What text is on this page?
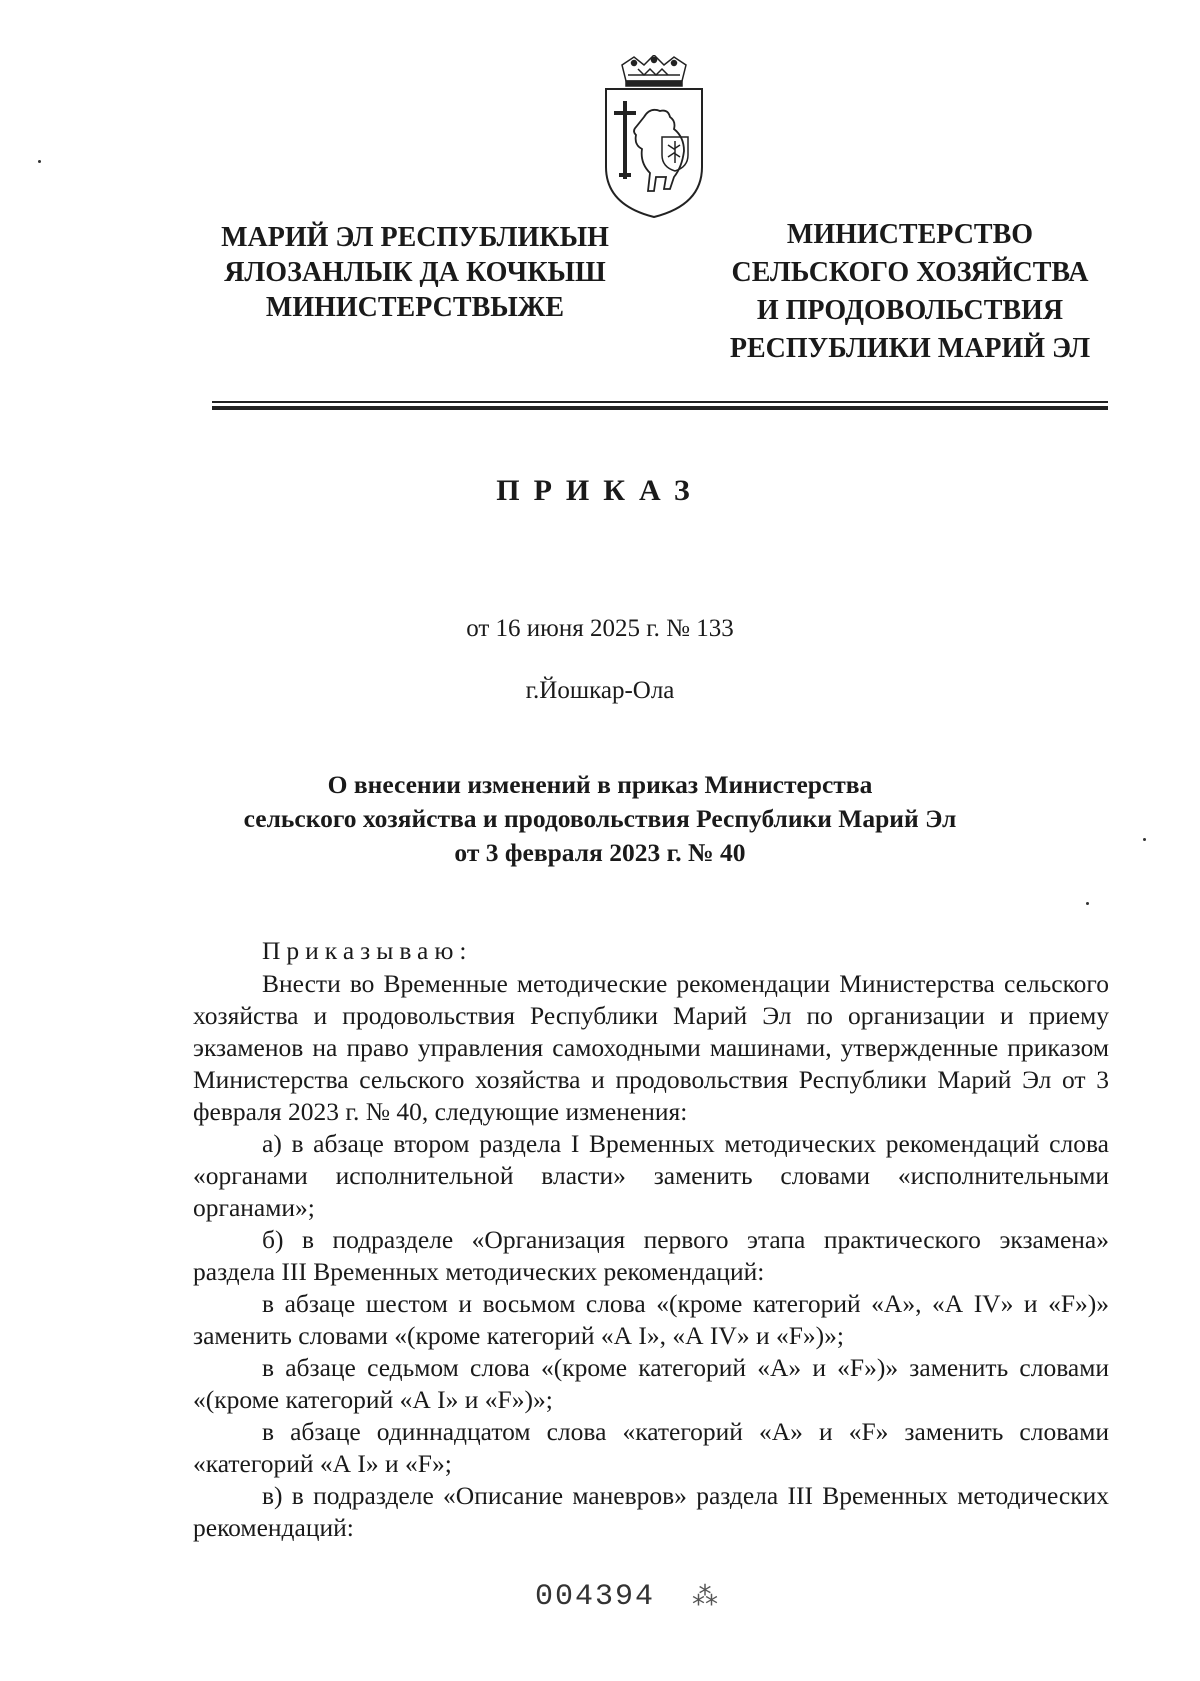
МАРИЙ ЭЛ РЕСПУБЛИКЫН
ЯЛОЗАНЛЫК ДА КОЧКЫШ
МИНИСТЕРСТВЫЖЕ
МИНИСТЕРСТВО
СЕЛЬСКОГО ХОЗЯЙСТВА
И ПРОДОВОЛЬСТВИЯ
РЕСПУБЛИКИ МАРИЙ ЭЛ
ПРИКАЗ
от 16 июня 2025 г. № 133
г.Йошкар-Ола
О внесении изменений в приказ Министерства
сельского хозяйства и продовольствия Республики Марий Эл
от 3 февраля 2023 г. № 40

Приказываю:

Внести во Временные методические рекомендации Министерства сельского хозяйства и продовольствия Республики Марий Эл по организации и приему экзаменов на право управления самоходными машинами, утвержденные приказом Министерства сельского хозяйства и продовольствия Республики Марий Эл от 3 февраля 2023 г. № 40, следующие изменения:

а) в абзаце втором раздела I Временных методических рекомендаций слова «органами исполнительной власти» заменить словами «исполнительными органами»;

б) в подразделе «Организация первого этапа практического экзамена» раздела III Временных методических рекомендаций:

в абзаце шестом и восьмом слова «(кроме категорий «А», «А IV» и «F»)» заменить словами «(кроме категорий «А I», «А IV» и «F»)»;

в абзаце седьмом слова «(кроме категорий «А» и «F»)» заменить словами «(кроме категорий «А I» и «F»)»;

в абзаце одиннадцатом слова «категорий «А» и «F» заменить словами «категорий «А I» и «F»;

в) в подразделе «Описание маневров» раздела III Временных методических рекомендаций:

004394 ⁂
